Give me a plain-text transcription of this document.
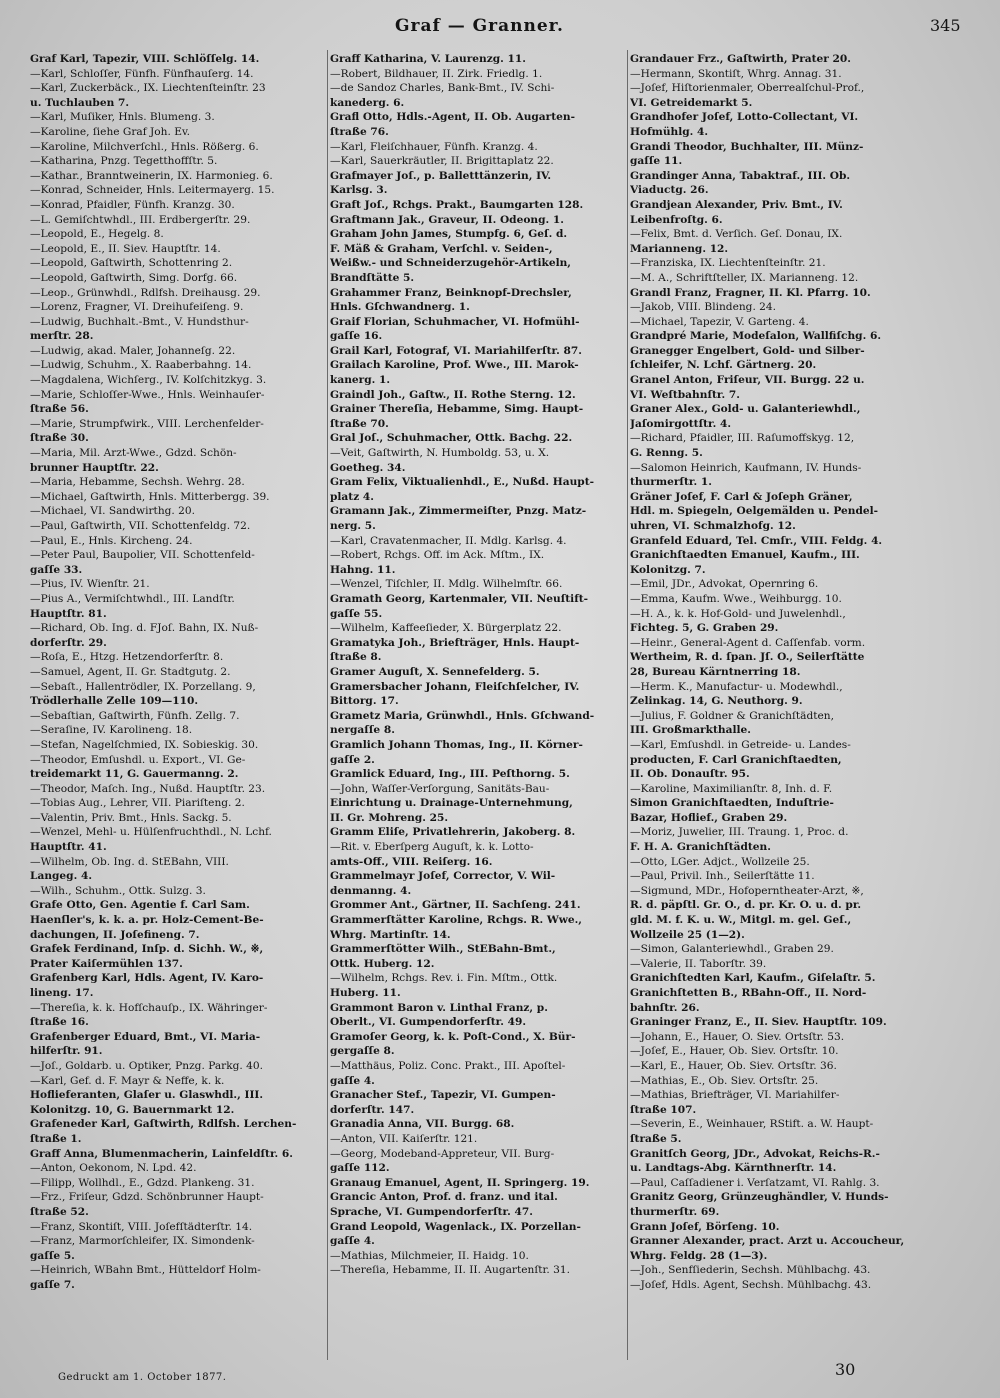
Graf — Granner.	345
Graf Karl, Tapezir, VIII. Schlöſſelg. 14.
—Karl, Schloſſer, Fünfh. Fünfhauſerg. 14.
—Karl, Zuckerbäck., IX. Liechtenſteinſtr. 23
u. Tuchlauben 7.
—Karl, Muſiker, Hnls. Blumeng. 3.
—Karoline, ſiehe Graf Joh. Ev.
—Karoline, Milchverſchl., Hnls. Rößerg. 6.
—Katharina, Pnzg. Tegetthoffſtr. 5.
—Kathar., Branntweinerin, IX. Harmonieg. 6.
—Konrad, Schneider, Hnls. Leitermayerg. 15.
—Konrad, Pfaidler, Fünfh. Kranzg. 30.
—L. Gemiſchtwhdl., III. Erdbergerſtr. 29.
—Leopold, E., Hegelg. 8.
—Leopold, E., II. Siev. Hauptſtr. 14.
—Leopold, Gaſtwirth, Schottenring 2.
—Leopold, Gaſtwirth, Simg. Dorfg. 66.
—Leop., Grünwhdl., Rdlfsh. Dreihausg. 29.
—Lorenz, Fragner, VI. Dreihufeiſeng. 9.
—Ludwig, Buchhalt.-Bmt., V. Hundsthur-
merſtr. 28.
—Ludwig, akad. Maler, Johanneſg. 22.
—Ludwig, Schuhm., X. Raaberbahng. 14.
—Magdalena, Wichſerg., IV. Kolſchitzkyg. 3.
—Marie, Schloſſer-Wwe., Hnls. Weinhauſer-
ſtraße 56.
—Marie, Strumpfwirk., VIII. Lerchenfelder-
ſtraße 30.
—Maria, Mil. Arzt-Wwe., Gdzd. Schön-
brunner Hauptſtr. 22.
—Maria, Hebamme, Sechsh. Wehrg. 28.
—Michael, Gaſtwirth, Hnls. Mitterbergg. 39.
—Michael, VI. Sandwirthg. 20.
—Paul, Gaſtwirth, VII. Schottenfeldg. 72.
—Paul, E., Hnls. Kircheng. 24.
—Peter Paul, Baupolier, VII. Schottenfeld-
gaſſe 33.
—Pius, IV. Wienſtr. 21.
—Pius A., Vermiſchtwhdl., III. Landſtr.
Hauptſtr. 81.
—Richard, Ob. Ing. d. FJoſ. Bahn, IX. Nuß-
dorferſtr. 29.
—Roſa, E., Htzg. Hetzendorferſtr. 8.
—Samuel, Agent, II. Gr. Stadtgutg. 2.
—Sebaſt., Hallentrödler, IX. Porzellang. 9,
Trödlerhalle Zelle 109—110.
—Sebaſtian, Gaſtwirth, Fünfh. Zellg. 7.
—Seraſine, IV. Karolineng. 18.
—Stefan, Nagelſchmied, IX. Sobieskig. 30.
—Theodor, Emſushdl. u. Export., VI. Ge-
treidemarkt 11, G. Gauermanng. 2.
—Theodor, Maſch. Ing., Nußd. Hauptſtr. 23.
—Tobias Aug., Lehrer, VII. Piariſteng. 2.
—Valentin, Priv. Bmt., Hnls. Sackg. 5.
—Wenzel, Mehl- u. Hülſenfruchthdl., N. Lchf.
Hauptſtr. 41.
—Wilhelm, Ob. Ing. d. StEBahn, VIII.
Langeg. 4.
—Wilh., Schuhm., Ottk. Sulzg. 3.
Grafe Otto, Gen. Agentie f. Carl Sam.
Haenſler's, k. k. a. pr. Holz-Cement-Be-
dachungen, II. Joſefineng. 7.
Grafek Ferdinand, Inſp. d. Sichh. W., ※,
Prater Kaiſermühlen 137.
Grafenberg Karl, Hdls. Agent, IV. Karo-
lineng. 17.
—Thereſia, k. k. Hofſchauſp., IX. Währinger-
ſtraße 16.
Grafenberger Eduard, Bmt., VI. Maria-
hilferſtr. 91.
—Joſ., Goldarb. u. Optiker, Pnzg. Parkg. 40.
—Karl, Gef. d. F. Mayr & Neffe, k. k.
Hoflieferanten, Glaſer u. Glaswhdl., III.
Kolonitzg. 10, G. Bauernmarkt 12.
Grafeneder Karl, Gaſtwirth, Rdlfsh. Lerchen-
ſtraße 1.
Graff Anna, Blumenmacherin, Lainfeldſtr. 6.
—Anton, Oekonom, N. Lpd. 42.
—Filipp, Wollhdl., E., Gdzd. Plankeng. 31.
—Frz., Friſeur, Gdzd. Schönbrunner Haupt-
ſtraße 52.
—Franz, Skontiſt, VIII. Joſefſtädterſtr. 14.
—Franz, Marmorſchleifer, IX. Simondenk-
gaſſe 5.
—Heinrich, WBahn Bmt., Hütteldorf Holm-
gaſſe 7.
Graff Katharina, V. Laurenzg. 11.
—Robert, Bildhauer, II. Zirk. Friedlg. 1.
—de Sandoz Charles, Bank-Bmt., IV. Schi-
kanederg. 6.
Grafl Otto, Hdls.-Agent, II. Ob. Augarten-
ſtraße 76.
—Karl, Fleiſchhauer, Fünfh. Kranzg. 4.
—Karl, Sauerkräutler, II. Brigittaplatz 22.
Grafmayer Joſ., p. Balletttänzerin, IV.
Karlsg. 3.
Graft Joſ., Rchgs. Prakt., Baumgarten 128.
Graftmann Jak., Graveur, II. Odeong. 1.
Graham John James, Stumpfg. 6, Geſ. d.
F. Mäß & Graham, Verſchl. v. Seiden-,
Weißw.- und Schneiderzugehör-Artikeln,
Brandſtätte 5.
Grahammer Franz, Beinknopf-Drechsler,
Hnls. Gſchwandnerg. 1.
Graif Florian, Schuhmacher, VI. Hofmühl-
gaſſe 16.
Grail Karl, Fotograf, VI. Mariahilferſtr. 87.
Grailach Karoline, Prof. Wwe., III. Marok-
kanerg. 1.
Graindl Joh., Gaſtw., II. Rothe Sterng. 12.
Grainer Thereſia, Hebamme, Simg. Haupt-
ſtraße 70.
Gral Joſ., Schuhmacher, Ottk. Bachg. 22.
—Veit, Gaſtwirth, N. Humboldg. 53, u. X.
Goetheg. 34.
Gram Felix, Viktualienhdl., E., Nußd. Haupt-
platz 4.
Gramann Jak., Zimmermeiſter, Pnzg. Matz-
nerg. 5.
—Karl, Cravatenmacher, II. Mdlg. Karlsg. 4.
—Robert, Rchgs. Off. im Ack. Mſtm., IX.
Hahng. 11.
—Wenzel, Tiſchler, II. Mdlg. Wilhelmſtr. 66.
Gramath Georg, Kartenmaler, VII. Neuſtift-
gaſſe 55.
—Wilhelm, Kaffeeſieder, X. Bürgerplatz 22.
Gramatyka Joh., Briefträger, Hnls. Haupt-
ſtraße 8.
Gramer Auguſt, X. Sennefelderg. 5.
Gramersbacher Johann, Fleiſchſelcher, IV.
Bittorg. 17.
Grametz Maria, Grünwhdl., Hnls. Gſchwand-
nergaſſe 8.
Gramlich Johann Thomas, Ing., II. Körner-
gaſſe 2.
Gramlick Eduard, Ing., III. Peſthorng. 5.
—John, Waſſer-Verſorgung, Sanitäts-Bau-
Einrichtung u. Drainage-Unternehmung,
II. Gr. Mohreng. 25.
Gramm Eliſe, Privatlehrerin, Jakoberg. 8.
—Rit. v. Eberſperg Auguſt, k. k. Lotto-
amts-Off., VIII. Reiſerg. 16.
Grammelmayr Joſef, Corrector, V. Wil-
denmanng. 4.
Grommer Ant., Gärtner, II. Sachſeng. 241.
Grammerſtätter Karoline, Rchgs. R. Wwe.,
Whrg. Martinſtr. 14.
Grammerſtötter Wilh., StEBahn-Bmt.,
Ottk. Huberg. 12.
—Wilhelm, Rchgs. Rev. i. Fin. Mſtm., Ottk.
Huberg. 11.
Grammont Baron v. Linthal Franz, p.
Oberlt., VI. Gumpendorferſtr. 49.
Gramoſer Georg, k. k. Poſt-Cond., X. Bür-
gergaſſe 8.
—Matthäus, Poliz. Conc. Prakt., III. Apoſtel-
gaſſe 4.
Granacher Stef., Tapezir, VI. Gumpen-
dorferſtr. 147.
Granadia Anna, VII. Burgg. 68.
—Anton, VII. Kaiſerſtr. 121.
—Georg, Modeband-Appreteur, VII. Burg-
gaſſe 112.
Granaug Emanuel, Agent, II. Springerg. 19.
Grancic Anton, Prof. d. franz. und ital.
Sprache, VI. Gumpendorferſtr. 47.
Grand Leopold, Wagenlack., IX. Porzellan-
gaſſe 4.
—Mathias, Milchmeier, II. Haidg. 10.
—Thereſia, Hebamme, II. II. Augartenſtr. 31.
Grandauer Frz., Gaſtwirth, Prater 20.
—Hermann, Skontiſt, Whrg. Annag. 31.
—Joſef, Hiſtorienmaler, Oberrealſchul-Prof.,
VI. Getreidemarkt 5.
Grandhofer Joſef, Lotto-Collectant, VI.
Hofmühlg. 4.
Grandi Theodor, Buchhalter, III. Münz-
gaſſe 11.
Grandinger Anna, Tabaktraf., III. Ob.
Viaductg. 26.
Grandjean Alexander, Priv. Bmt., IV.
Leibenfroſtg. 6.
—Felix, Bmt. d. Verſich. Geſ. Donau, IX.
Marianneng. 12.
—Franziska, IX. Liechtenſteinſtr. 21.
—M. A., Schriftſteller, IX. Marianneng. 12.
Grandl Franz, Fragner, II. Kl. Pfarrg. 10.
—Jakob, VIII. Blindeng. 24.
—Michael, Tapezir, V. Garteng. 4.
Grandpré Marie, Modeſalon, Wallfiſchg. 6.
Granegger Engelbert, Gold- und Silber-
ſchleifer, N. Lchf. Gärtnerg. 20.
Granel Anton, Friſeur, VII. Burgg. 22 u.
VI. Weſtbahnſtr. 7.
Graner Alex., Gold- u. Galanteriewhdl.,
Jaſomirgottſtr. 4.
—Richard, Pfaidler, III. Raſumoffskyg. 12,
G. Renng. 5.
—Salomon Heinrich, Kaufmann, IV. Hunds-
thurmerſtr. 1.
Gräner Joſef, F. Carl & Joſeph Gräner,
Hdl. m. Spiegeln, Oelgemälden u. Pendel-
uhren, VI. Schmalzhofg. 12.
Granfeld Eduard, Tel. Cmſr., VIII. Feldg. 4.
Granichſtaedten Emanuel, Kaufm., III.
Kolonitzg. 7.
—Emil, JDr., Advokat, Opernring 6.
—Emma, Kaufm. Wwe., Weihburgg. 10.
—H. A., k. k. Hof-Gold- und Juwelenhdl.,
Fichteg. 5, G. Graben 29.
—Heinr., General-Agent d. Caſſenfab. vorm.
Wertheim, R. d. ſpan. Jſ. O., Seilerſtätte
28, Bureau Kärntnerring 18.
—Herm. K., Manufactur- u. Modewhdl.,
Zelinkag. 14, G. Neuthorg. 9.
—Julius, F. Goldner & Granichſtädten,
III. Großmarkthalle.
—Karl, Emſushdl. in Getreide- u. Landes-
producten, F. Carl Granichſtaedten,
II. Ob. Donauſtr. 95.
—Karoline, Maximilianſtr. 8, Inh. d. F.
Simon Granichſtaedten, Induſtrie-
Bazar, Hoflief., Graben 29.
—Moriz, Juwelier, III. Traung. 1, Proc. d.
F. H. A. Granichſtädten.
—Otto, LGer. Adjct., Wollzeile 25.
—Paul, Privil. Inh., Seilerſtätte 11.
—Sigmund, MDr., Hofoperntheater-Arzt, ※,
R. d. päpſtl. Gr. O., d. pr. Kr. O. u. d. pr.
gld. M. f. K. u. W., Mitgl. m. gel. Geſ.,
Wollzeile 25 (1—2).
—Simon, Galanteriewhdl., Graben 29.
—Valerie, II. Taborſtr. 39.
Granichſtedten Karl, Kaufm., Giſelaſtr. 5.
Granichſtetten B., RBahn-Off., II. Nord-
bahnſtr. 26.
Graninger Franz, E., II. Siev. Hauptſtr. 109.
—Johann, E., Hauer, O. Siev. Ortsſtr. 53.
—Joſef, E., Hauer, Ob. Siev. Ortsſtr. 10.
—Karl, E., Hauer, Ob. Siev. Ortsſtr. 36.
—Mathias, E., Ob. Siev. Ortsſtr. 25.
—Mathias, Briefträger, VI. Mariahilfer-
ſtraße 107.
—Severin, E., Weinhauer, RStift. a. W. Haupt-
ſtraße 5.
Granitſch Georg, JDr., Advokat, Reichs-R.-
u. Landtags-Abg. Kärnthnerſtr. 14.
—Paul, Caſſadiener i. Verſatzamt, VI. Rahlg. 3.
Granitz Georg, Grünzeughändler, V. Hunds-
thurmerſtr. 69.
Grann Joſef, Börſeng. 10.
Granner Alexander, pract. Arzt u. Accoucheur,
Whrg. Feldg. 28 (1—3).
—Joh., Senfſiederin, Sechsh. Mühlbachg. 43.
—Joſef, Hdls. Agent, Sechsh. Mühlbachg. 43.
Gedruckt am 1. October 1877.	30
